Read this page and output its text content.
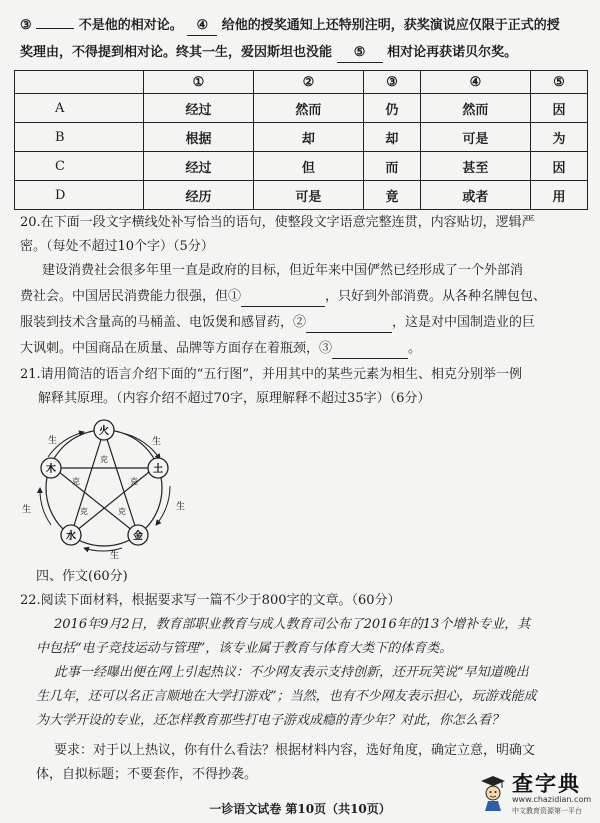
③	不是他的相对论。 ④ 给他的授奖通知上还特别注明，获奖演说应仅限于正式的授
奖理由，不得提到相对论。终其一生，爱因斯坦也没能 ⑤ 相对论再获诺贝尔奖。
	①	②	③	④	⑤
A	经过	然而	仍	然而	因
B	根据	却	却	可是	为
C	经过	但	而	甚至	因
D	经历	可是	竟	或者	用
20.在下面一段文字横线处补写恰当的语句，使整段文字语意完整连贯，内容贴切，逻辑严
密。（每处不超过10个字）（5分）
建设消费社会很多年里一直是政府的目标，但近年来中国俨然已经形成了一个外部消
费社会。中国居民消费能力很强，但①	，只好到外部消费。从各种名牌包包、
服装到技术含量高的马桶盖、电饭煲和感冒药，②	，这是对中国制造业的巨
大讽刺。中国商品在质量、品牌等方面存在着瓶颈，③	。
21.请用简洁的语言介绍下面的“五行图”，并用其中的某些元素为相生、相克分别举一例
解释其原理。（内容介绍不超过70字，原理解释不超过35字）（6分）
生	生
生
生
生
克
克
克
克
克
火
土
金
水
木
四、作文(60分)
22.阅读下面材料，根据要求写一篇不少于800字的文章。（60分）
2016年9月2日，教育部职业教育与成人教育司公布了2016年的13个增补专业，其
中包括“电子竞技运动与管理”，该专业属于教育与体育大类下的体育类。
此事一经曝出便在网上引起热议：不少网友表示支持创新，还开玩笑说“早知道晚出
生几年，还可以名正言顺地在大学打游戏”；当然，也有不少网友表示担心，玩游戏能成
为大学开设的专业，还怎样教育那些打电子游戏成瘾的青少年？对此，你怎么看？
要求：对于以上热议，你有什么看法？根据材料内容，选好角度，确定立意，明确文
体，自拟标题；不要套作，不得抄袭。
一诊语文试卷 第10页（共10页）
查字典
www.chazidian.com
中文教育资源第一平台
